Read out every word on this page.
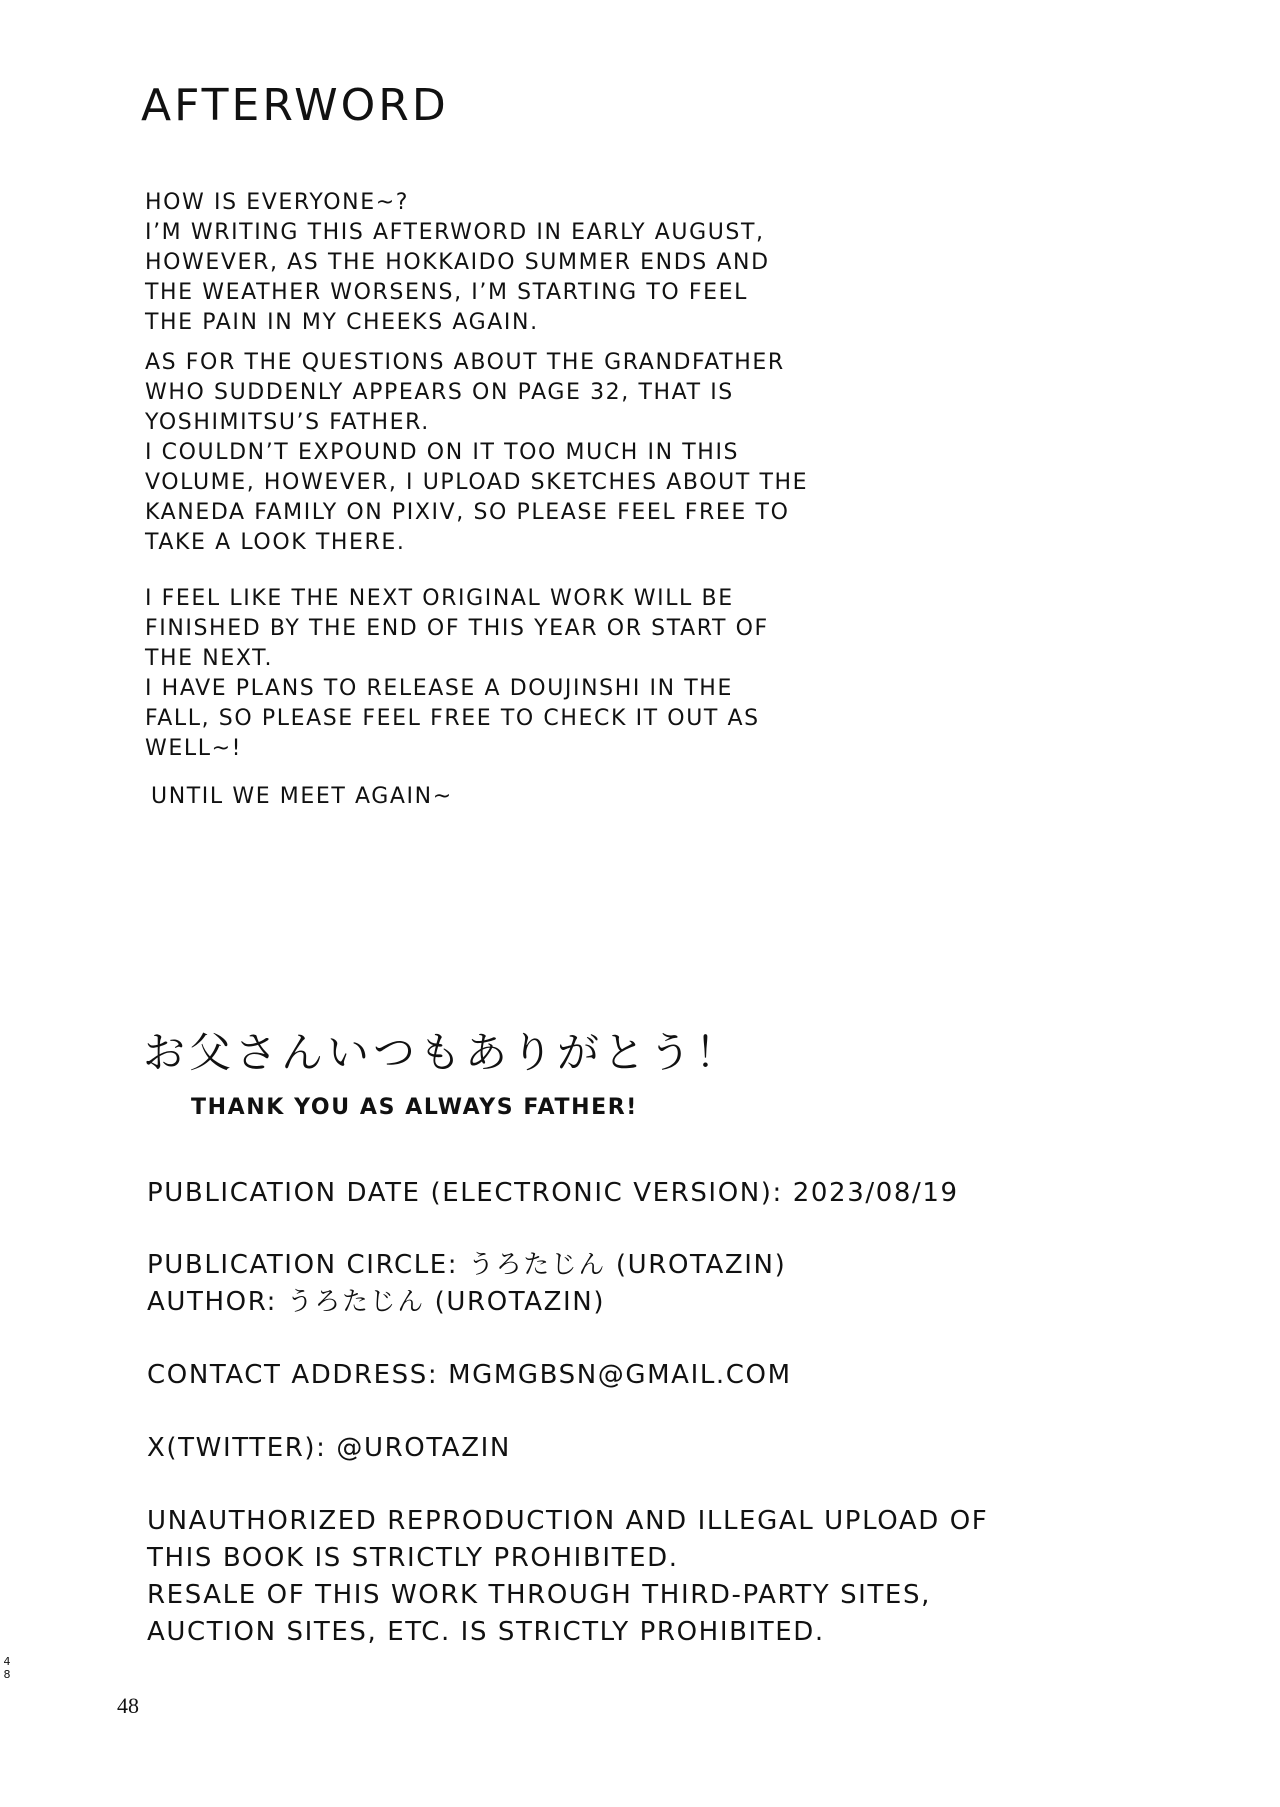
AFTERWORD

HOW IS EVERYONE~?
I’M WRITING THIS AFTERWORD IN EARLY AUGUST,
HOWEVER, AS THE HOKKAIDO SUMMER ENDS AND
THE WEATHER WORSENS, I’M STARTING TO FEEL
THE PAIN IN MY CHEEKS AGAIN.

AS FOR THE QUESTIONS ABOUT THE GRANDFATHER
WHO SUDDENLY APPEARS ON PAGE 32, THAT IS
YOSHIMITSU’S FATHER.
I COULDN’T EXPOUND ON IT TOO MUCH IN THIS
VOLUME, HOWEVER, I UPLOAD SKETCHES ABOUT THE
KANEDA FAMILY ON PIXIV, SO PLEASE FEEL FREE TO
TAKE A LOOK THERE.

I FEEL LIKE THE NEXT ORIGINAL WORK WILL BE
FINISHED BY THE END OF THIS YEAR OR START OF
THE NEXT.
I HAVE PLANS TO RELEASE A DOUJINSHI IN THE
FALL, SO PLEASE FEEL FREE TO CHECK IT OUT AS
WELL~!

UNTIL WE MEET AGAIN~

お父さんいつもありがとう！

THANK YOU AS ALWAYS FATHER!

PUBLICATION DATE (ELECTRONIC VERSION): 2023/08/19

PUBLICATION CIRCLE: うろたじん (UROTAZIN)
AUTHOR: うろたじん (UROTAZIN)

CONTACT ADDRESS: MGMGBSN@GMAIL.COM

X(TWITTER): @UROTAZIN

UNAUTHORIZED REPRODUCTION AND ILLEGAL UPLOAD OF
THIS BOOK IS STRICTLY PROHIBITED.
RESALE OF THIS WORK THROUGH THIRD-PARTY SITES,
AUCTION SITES, ETC. IS STRICTLY PROHIBITED.

4
8

48
